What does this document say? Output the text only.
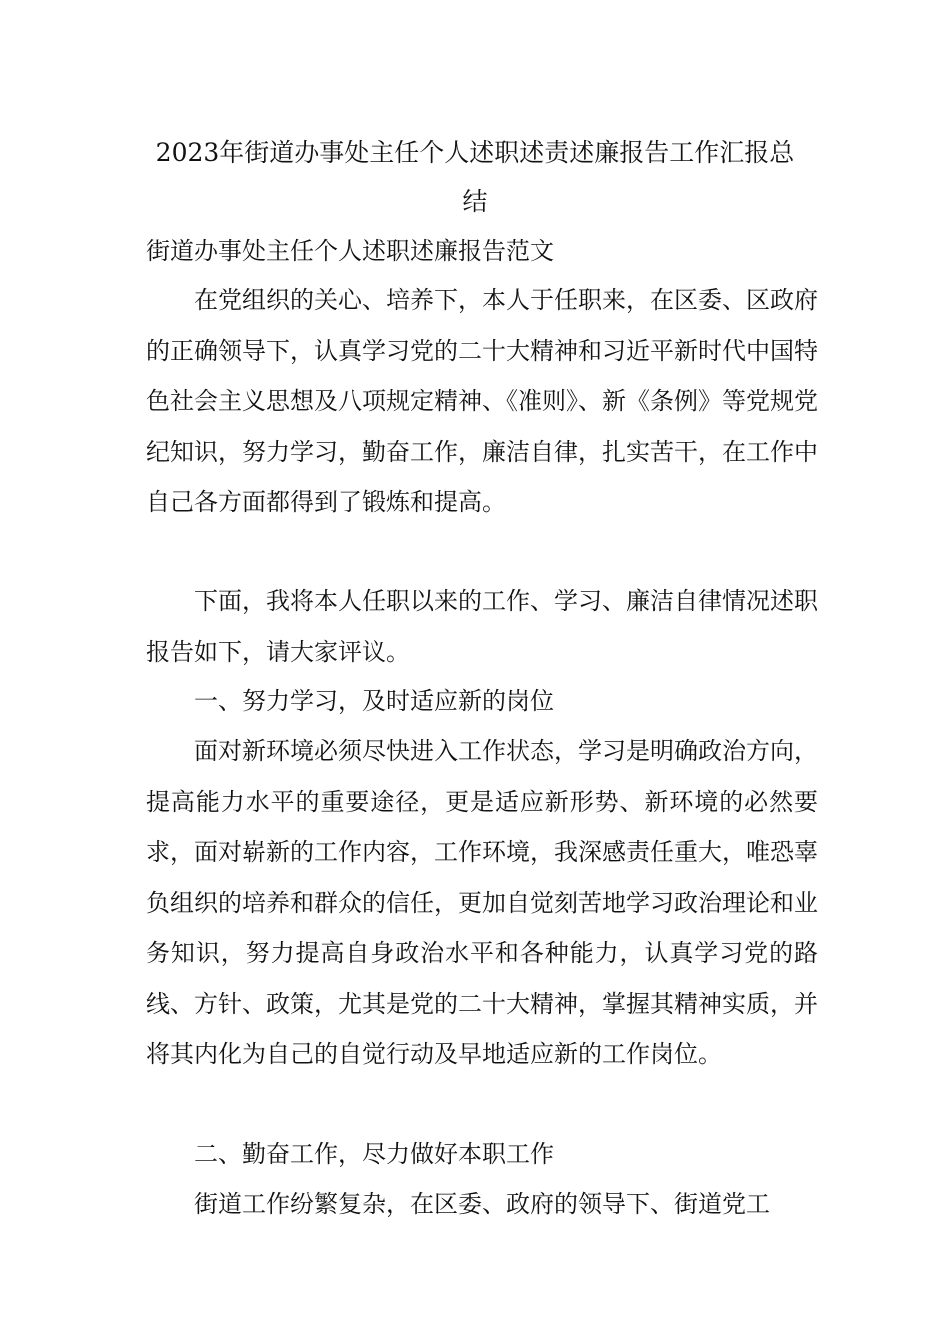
2023年街道办事处主任个人述职述责述廉报告工作汇报总
结

街道办事处主任个人述职述廉报告范文

在党组织的关心、培养下，本人于任职来，在区委、区政府的正确领导下，认真学习党的二十大精神和习近平新时代中国特色社会主义思想及八项规定精神、《准则》、新《条例》等党规党纪知识，努力学习，勤奋工作，廉洁自律，扎实苦干，在工作中自己各方面都得到了锻炼和提高。

下面，我将本人任职以来的工作、学习、廉洁自律情况述职报告如下，请大家评议。

一、努力学习，及时适应新的岗位

面对新环境必须尽快进入工作状态，学习是明确政治方向，提高能力水平的重要途径，更是适应新形势、新环境的必然要求，面对崭新的工作内容，工作环境，我深感责任重大，唯恐辜负组织的培养和群众的信任，更加自觉刻苦地学习政治理论和业务知识，努力提高自身政治水平和各种能力，认真学习党的路线、方针、政策，尤其是党的二十大精神，掌握其精神实质，并将其内化为自己的自觉行动及早地适应新的工作岗位。

二、勤奋工作，尽力做好本职工作

街道工作纷繁复杂，在区委、政府的领导下、街道党工
